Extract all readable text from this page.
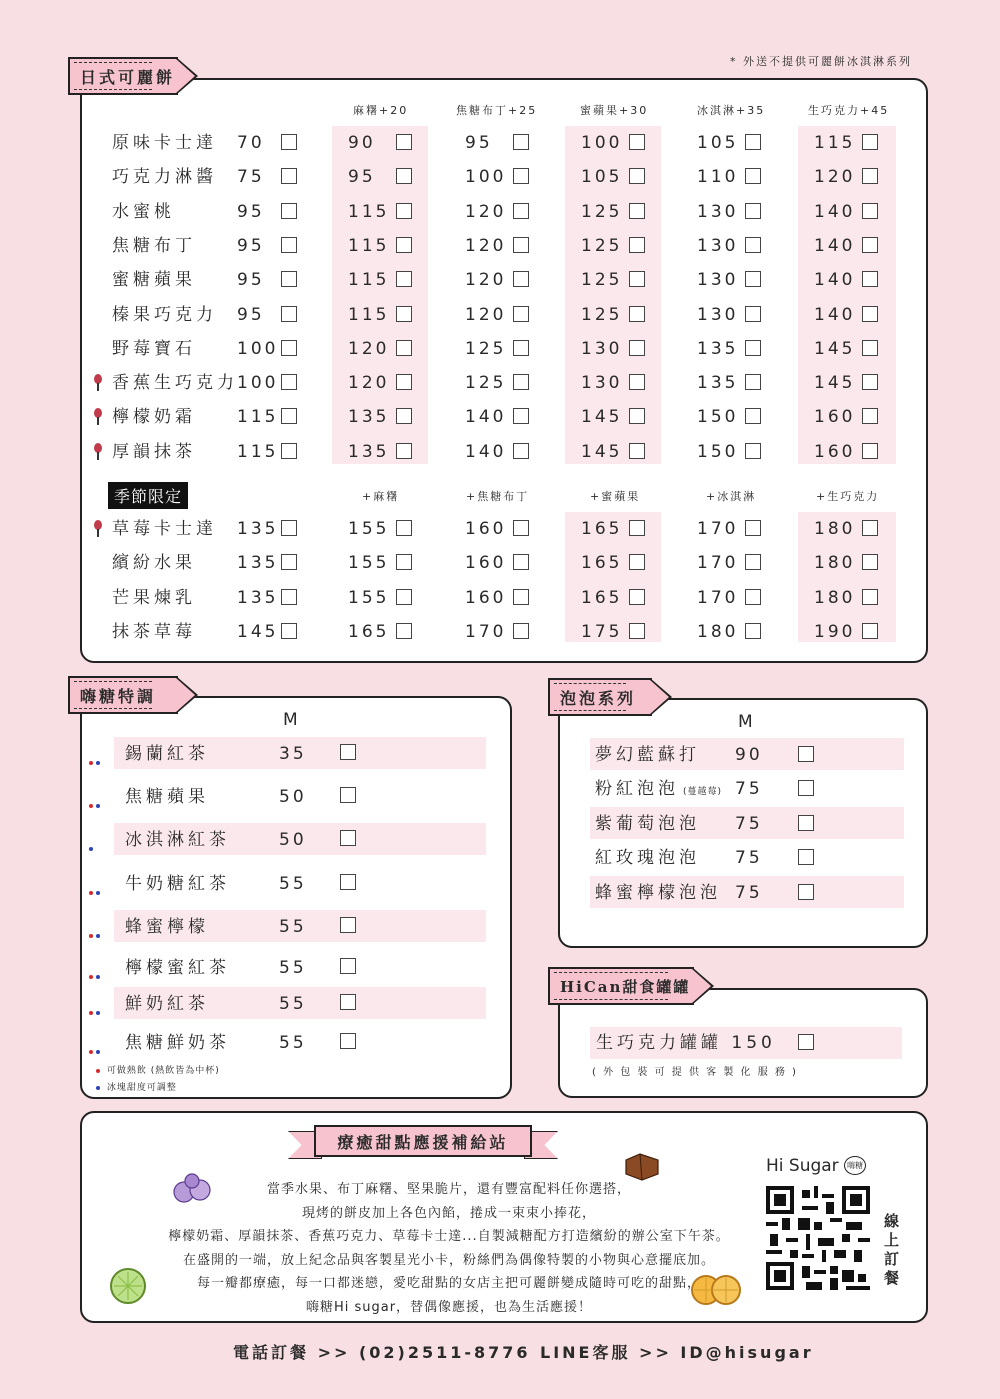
* 外送不提供可麗餅冰淇淋系列
日式可麗餅
季節限定
嗨糖特調
M
可做熱飲 (熱飲皆為中杯)
冰塊甜度可調整
泡泡系列
M
HiCan甜食罐罐
生巧克力罐罐 150
( 外 包 裝 可 提 供 客 製 化 服 務 )
療癒甜點應援補給站
Hi Sugar 嗨糖
線上訂餐
電話訂餐 >> (02)2511-8776 LINE客服 >> ID@hisugar
麻糬+20	焦糖布丁+25	蜜蘋果+30	冰淇淋+35	生巧克力+45
+麻糬	+焦糖布丁	+蜜蘋果	+冰淇淋	+生巧克力
原味卡士達 70	90	95	100	105	115
巧克力淋醬 75	95	100	105	110	120
水蜜桃	95	115	120	125	130	140
焦糖布丁 95	115	120	125	130	140
蜜糖蘋果 95	115	120	125	130	140
榛果巧克力 95	115	120	125	130	140
野莓寶石 100	120	125	130	135	145
香蕉生巧克力 100	120	125	130	135	145
檸檬奶霜 115	135	140	145	150	160
厚韻抹茶 115	135	140	145	150	160
草莓卡士達 135	155	160	165	170	180
繽紛水果 135	155	160	165	170	180
芒果煉乳 135	155	160	165	170	180
抹茶草莓 145	165	170	175	180	190
錫蘭紅茶	35
焦糖蘋果	50
冰淇淋紅茶	50
牛奶糖紅茶	55
蜂蜜檸檬	55
檸檬蜜紅茶	55
鮮奶紅茶	55
焦糖鮮奶茶	55
夢幻藍蘇打 90
粉紅泡泡 (蔓越莓) 75
紫葡萄泡泡 75
紅玫瑰泡泡 75
蜂蜜檸檬泡泡 75
當季水果、布丁麻糬、堅果脆片，還有豐富配料任你選搭，
現烤的餅皮加上各色內餡，捲成一束束小捧花，
檸檬奶霜、厚韻抹茶、香蕉巧克力、草莓卡士達...自製減糖配方打造繽紛的辦公室下午茶。
在盛開的一端，放上紀念品與客製星光小卡，粉絲們為偶像特製的小物與心意擺底加。
每一瓣都療癒，每一口都迷戀，愛吃甜點的女店主把可麗餅變成隨時可吃的甜點，
嗨糖Hi sugar，替偶像應援，也為生活應援！
